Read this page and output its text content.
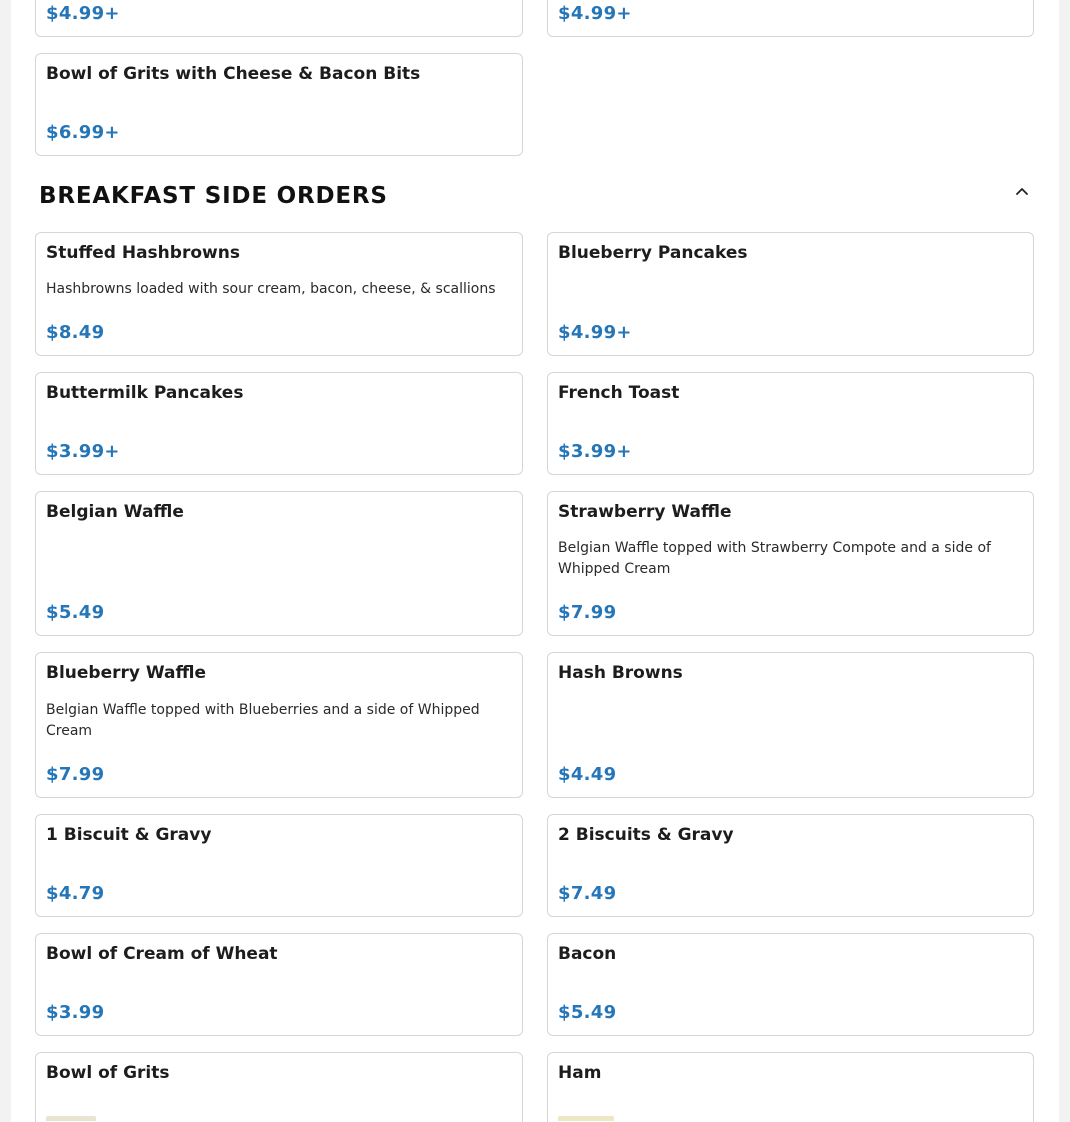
$4.99+	$4.99+
Bowl of Grits with Cheese & Bacon Bits
$6.99+
BREAKFAST SIDE ORDERS
Stuffed Hashbrowns
Hashbrowns loaded with sour cream, bacon, cheese, & scallions
$8.49
Blueberry Pancakes
$4.99+
Buttermilk Pancakes
$3.99+
French Toast
$3.99+
Belgian Waffle
$5.49
Strawberry Waffle
Belgian Waffle topped with Strawberry Compote and a side of Whipped Cream
$7.99
Blueberry Waffle
Belgian Waffle topped with Blueberries and a side of Whipped Cream
$7.99
Hash Browns
$4.49
1 Biscuit & Gravy
$4.79
2 Biscuits & Gravy
$7.49
Bowl of Cream of Wheat
$3.99
Bacon
$5.49
Bowl of Grits	Ham
